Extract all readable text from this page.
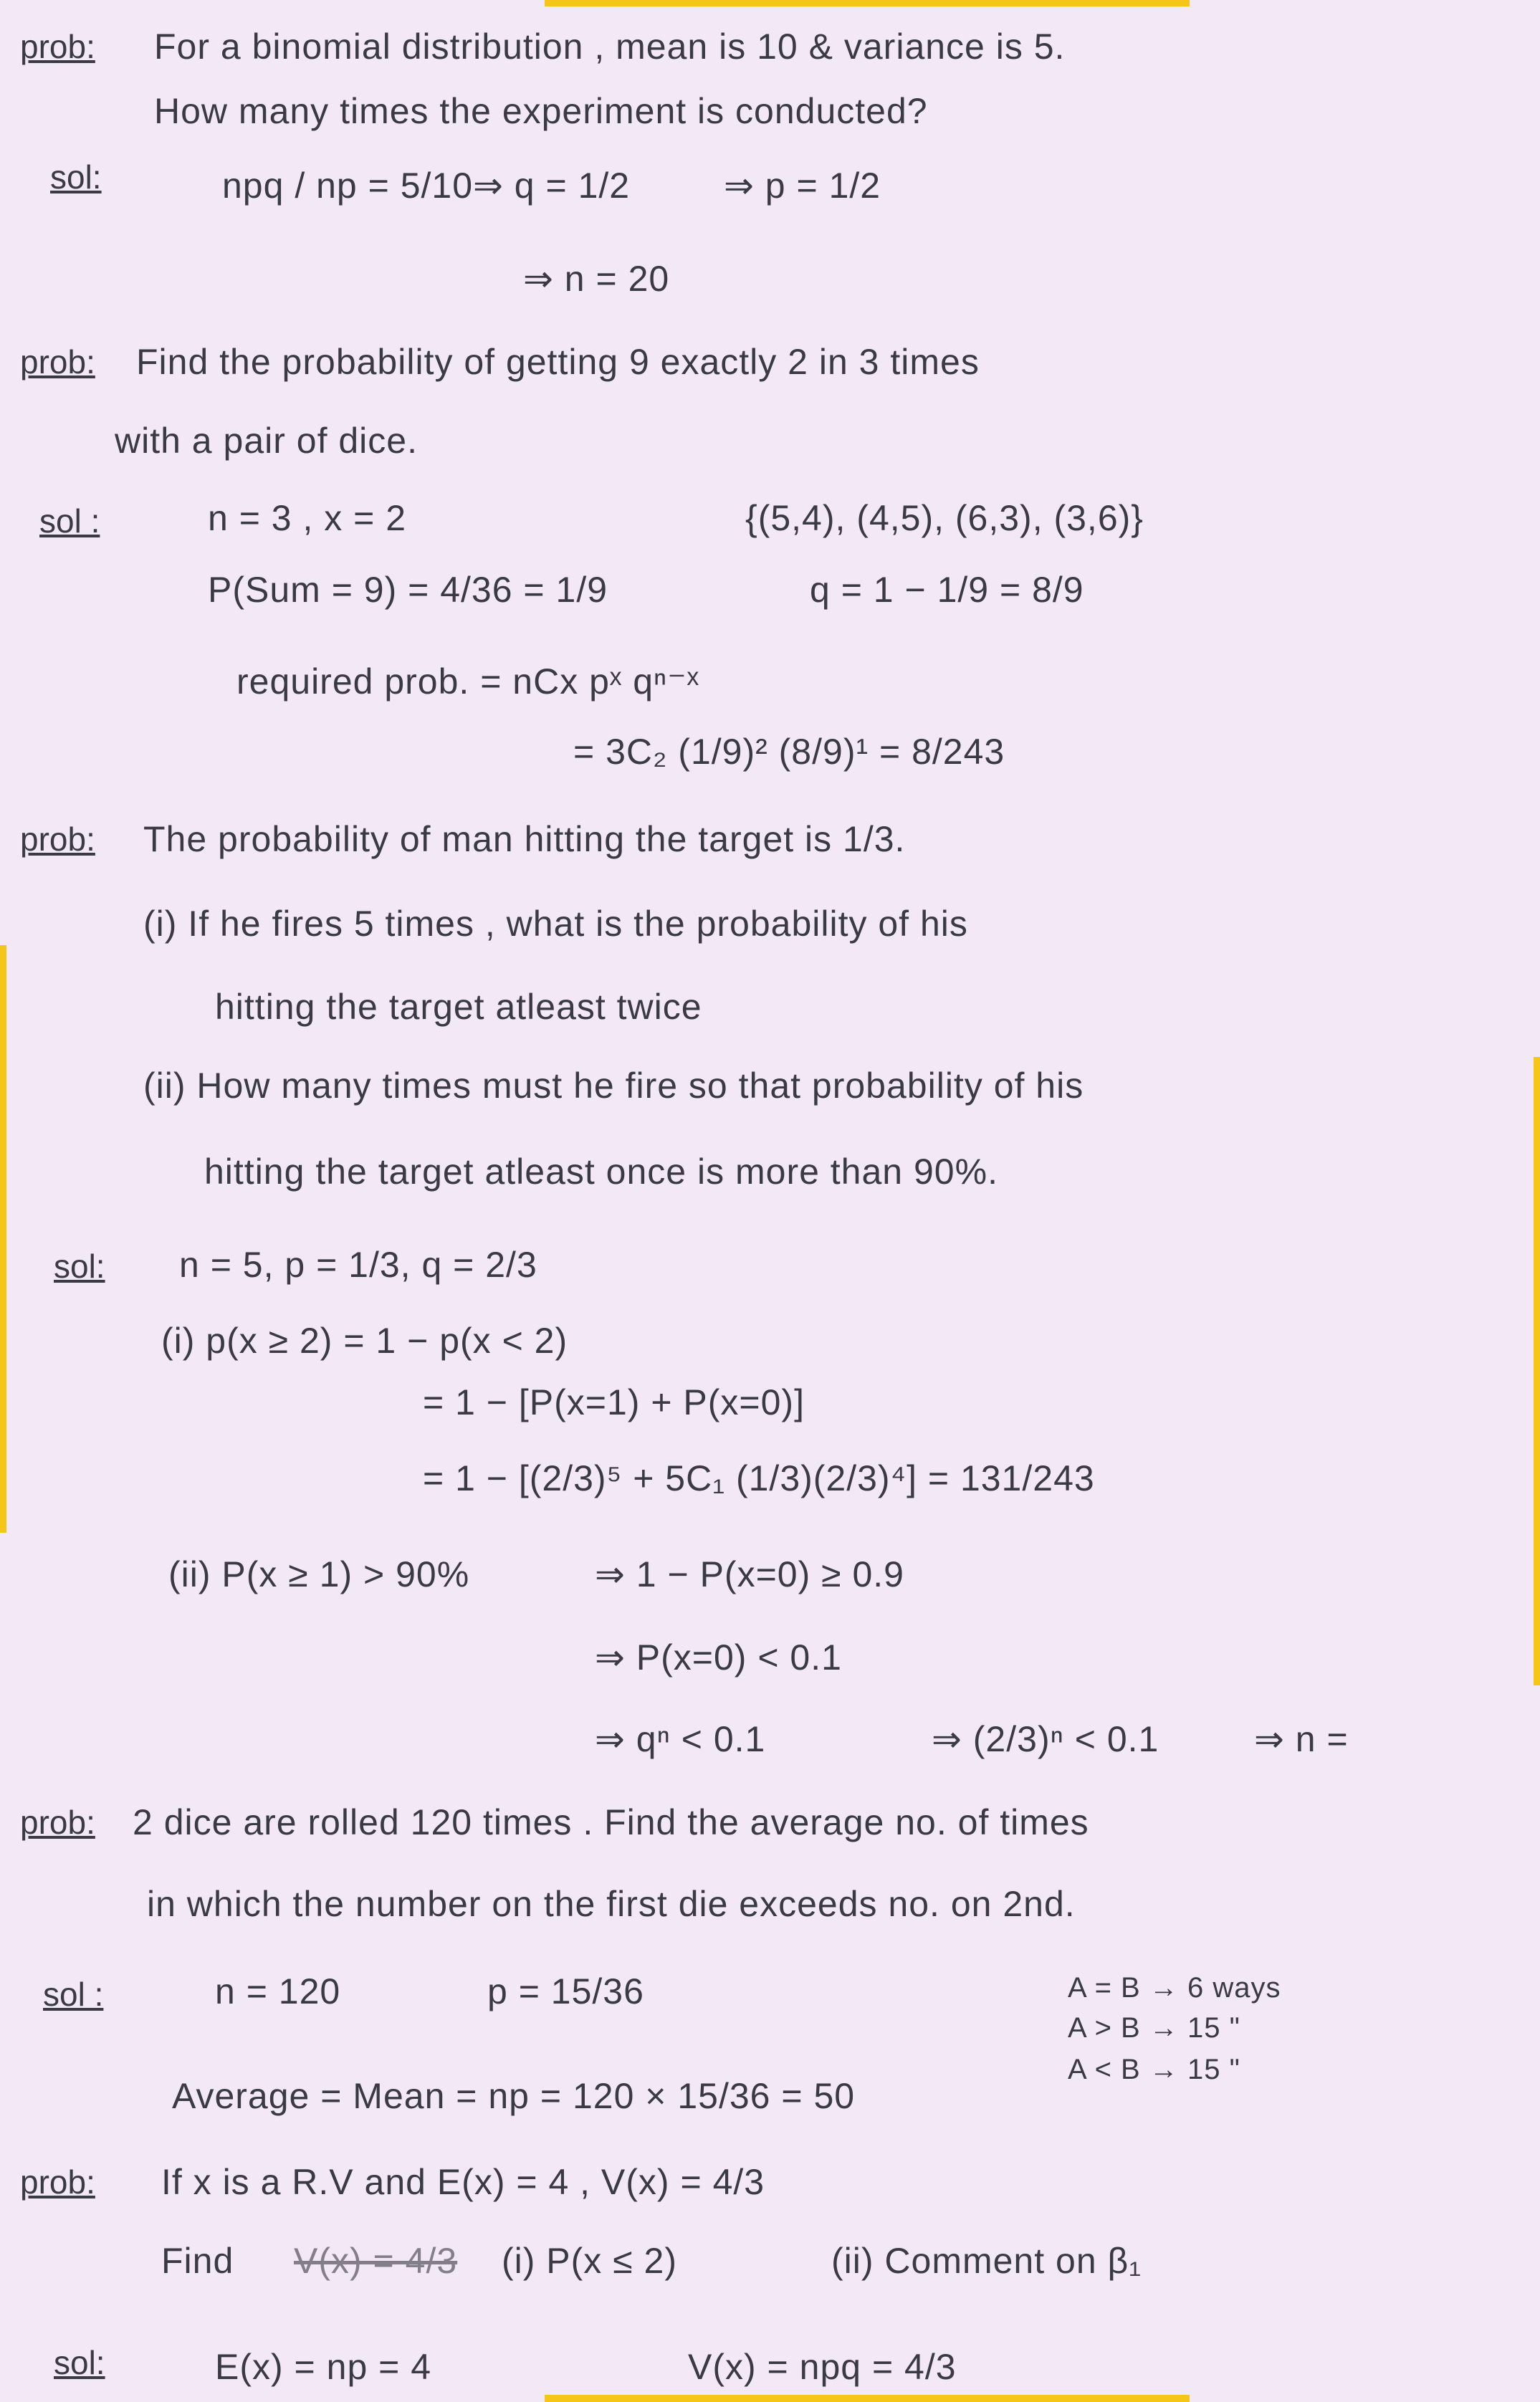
prob: For a binomial distribution , mean is 10 & variance is 5.
How many times the experiment is conducted?
sol:	npq / np = 5/10 ⇒ q = 1/2	⇒ p = 1/2
⇒ n = 20
prob: Find the probability of getting 9 exactly 2 in 3 times
with a pair of dice.
sol :	n = 3 , x = 2	{(5,4), (4,5), (6,3), (3,6)}
P(Sum = 9) = 4/36 = 1/9	q = 1 − 1/9 = 8/9
required prob. = nCx pˣ qⁿ⁻ˣ
= 3C₂ (1/9)² (8/9)¹ = 8/243
prob: The probability of man hitting the target is 1/3.
(i) If he fires 5 times , what is the probability of his
hitting the target atleast twice
(ii) How many times must he fire so that probability of his
hitting the target atleast once is more than 90%.
sol: n = 5, p = 1/3, q = 2/3
(i) p(x ≥ 2) = 1 − p(x < 2)
= 1 − [P(x=1) + P(x=0)]
= 1 − [(2/3)⁵ + 5C₁ (1/3)(2/3)⁴] = 131/243
(ii) P(x ≥ 1) > 90%	⇒ 1 − P(x=0) ≥ 0.9
⇒ P(x=0) < 0.1
⇒ qⁿ < 0.1	⇒ (2/3)ⁿ < 0.1	⇒ n =
prob: 2 dice are rolled 120 times . Find the average no. of times
in which the number on the first die exceeds no. on 2nd.
sol :	n = 120	p = 15/36	A = B → 6 ways
A > B → 15 "
A < B → 15 "
Average = Mean = np = 120 × 15/36 = 50
prob: If x is a R.V and E(x) = 4 , V(x) = 4/3
Find V(x) = 4/3 (i) P(x ≤ 2)	(ii) Comment on β₁
sol:	E(x) = np = 4	V(x) = npq = 4/3
